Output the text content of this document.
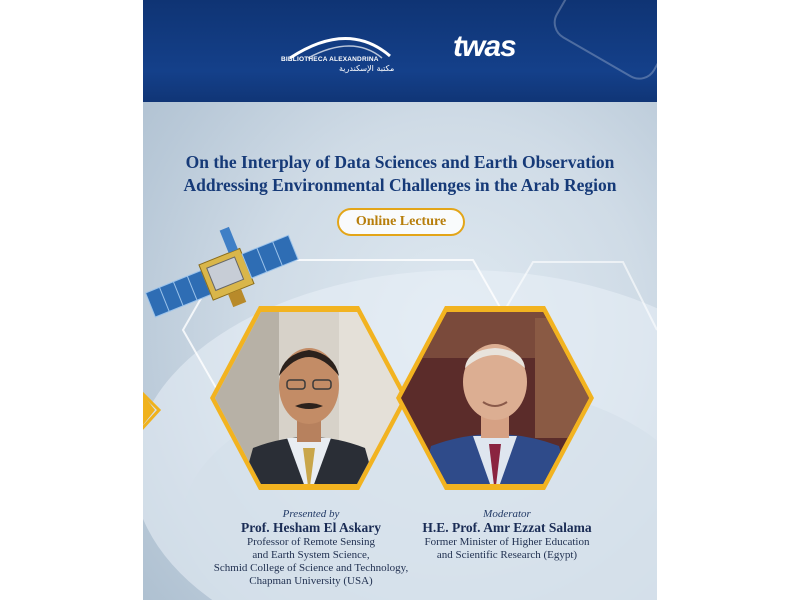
BIBLIOTHECA ALEXANDRINA
مكتبة الإسكندرية
twas
On the Interplay of Data Sciences and Earth Observation
Addressing Environmental Challenges in the Arab Region
Online Lecture
Presented by
Prof. Hesham El Askary
Professor of Remote Sensing
and Earth System Science,
Schmid College of Science and Technology,
Chapman University (USA)
Moderator
H.E. Prof. Amr Ezzat Salama
Former Minister of Higher Education
and Scientific Research (Egypt)
